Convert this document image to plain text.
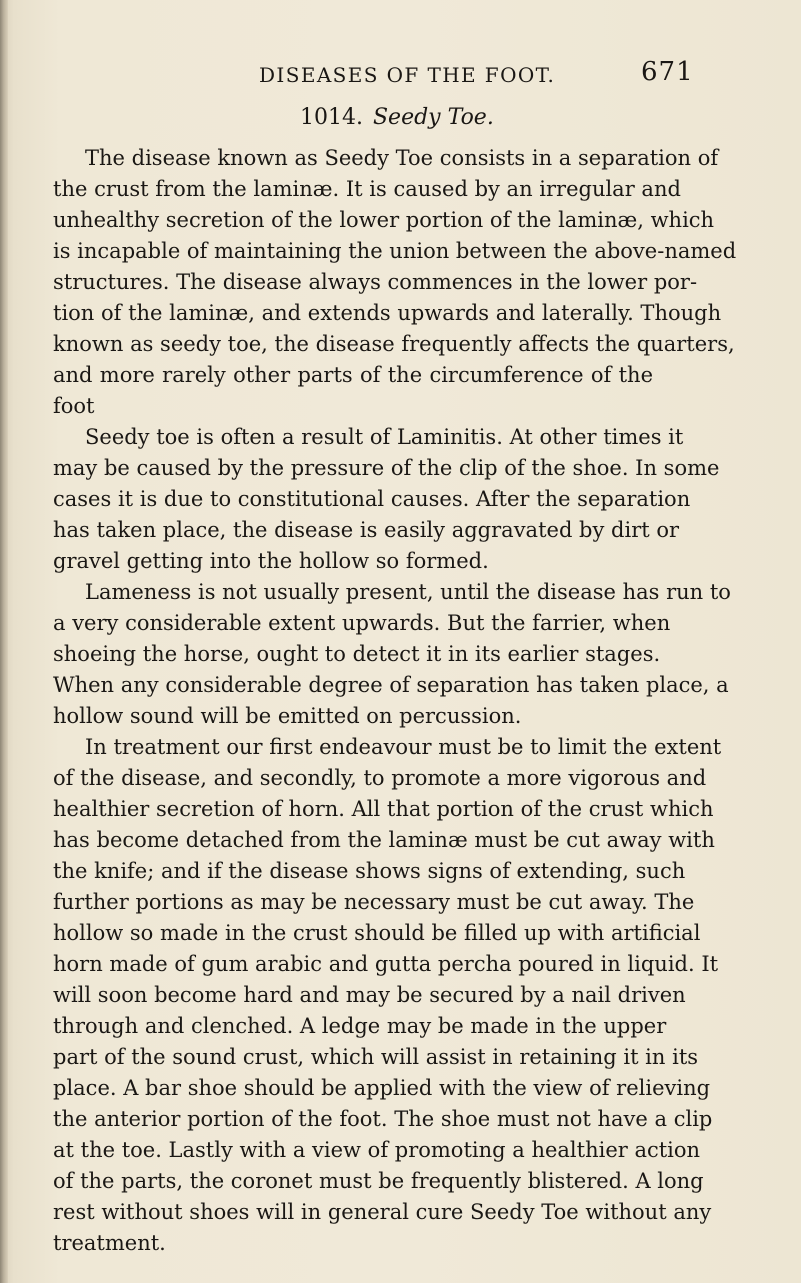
DISEASES OF THE FOOT.	671
1014. Seedy Toe.
The disease known as Seedy Toe consists in a separation of
the crust from the laminæ. It is caused by an irregular and
unhealthy secretion of the lower portion of the laminæ, which
is incapable of maintaining the union between the above-named
structures. The disease always commences in the lower por-
tion of the laminæ, and extends upwards and laterally. Though
known as seedy toe, the disease frequently affects the quarters,
and more rarely other parts of the circumference of the
foot
Seedy toe is often a result of Laminitis. At other times it
may be caused by the pressure of the clip of the shoe. In some
cases it is due to constitutional causes. After the separation
has taken place, the disease is easily aggravated by dirt or
gravel getting into the hollow so formed.
Lameness is not usually present, until the disease has run to
a very considerable extent upwards. But the farrier, when
shoeing the horse, ought to detect it in its earlier stages.
When any considerable degree of separation has taken place, a
hollow sound will be emitted on percussion.
In treatment our first endeavour must be to limit the extent
of the disease, and secondly, to promote a more vigorous and
healthier secretion of horn. All that portion of the crust which
has become detached from the laminæ must be cut away with
the knife; and if the disease shows signs of extending, such
further portions as may be necessary must be cut away. The
hollow so made in the crust should be filled up with artificial
horn made of gum arabic and gutta percha poured in liquid. It
will soon become hard and may be secured by a nail driven
through and clenched. A ledge may be made in the upper
part of the sound crust, which will assist in retaining it in its
place. A bar shoe should be applied with the view of relieving
the anterior portion of the foot. The shoe must not have a clip
at the toe. Lastly with a view of promoting a healthier action
of the parts, the coronet must be frequently blistered. A long
rest without shoes will in general cure Seedy Toe without any
treatment.
